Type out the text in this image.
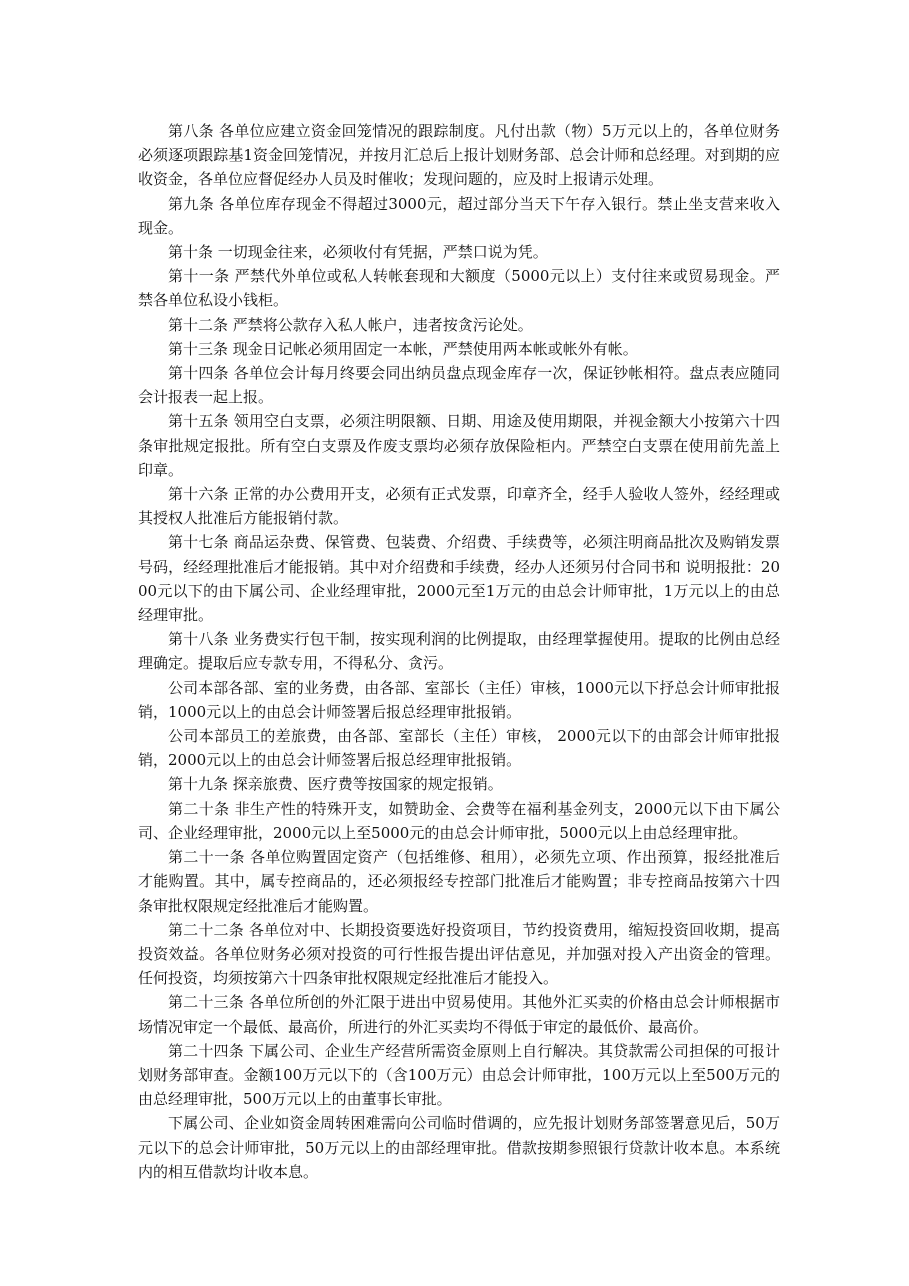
第八条 各单位应建立资金回笼情况的跟踪制度。凡付出款（物）5万元以上的，各单位财务必须逐项跟踪基1资金回笼情况，并按月汇总后上报计划财务部、总会计师和总经理。对到期的应收资金，各单位应督促经办人员及时催收；发现问题的，应及时上报请示处理。

第九条 各单位库存现金不得超过3000元，超过部分当天下午存入银行。禁止坐支营来收入现金。

第十条 一切现金往来，必须收付有凭据，严禁口说为凭。

第十一条 严禁代外单位或私人转帐套现和大额度（5000元以上）支付往来或贸易现金。严禁各单位私设小钱柜。

第十二条 严禁将公款存入私人帐户，违者按贪污论处。

第十三条 现金日记帐必须用固定一本帐，严禁使用两本帐或帐外有帐。

第十四条 各单位会计每月终要会同出纳员盘点现金库存一次，保证钞帐相符。盘点表应随同会计报表一起上报。

第十五条 领用空白支票，必须注明限额、日期、用途及使用期限，并视金额大小按第六十四条审批规定报批。所有空白支票及作废支票均必须存放保险柜内。严禁空白支票在使用前先盖上印章。

第十六条 正常的办公费用开支，必须有正式发票，印章齐全，经手人验收人签外，经经理或其授权人批准后方能报销付款。

第十七条 商品运杂费、保管费、包装费、介绍费、手续费等，必须注明商品批次及购销发票号码，经经理批准后才能报销。其中对介绍费和手续费，经办人还须另付合同书和 说明报批：2000元以下的由下属公司、企业经理审批，2000元至1万元的由总会计师审批，1万元以上的由总经理审批。

第十八条 业务费实行包干制，按实现利润的比例提取，由经理掌握使用。提取的比例由总经理确定。提取后应专款专用，不得私分、贪污。

公司本部各部、室的业务费，由各部、室部长（主任）审核，1000元以下抒总会计师审批报销，1000元以上的由总会计师签署后报总经理审批报销。

公司本部员工的差旅费，由各部、室部长（主任）审核， 2000元以下的由部会计师审批报销，2000元以上的由总会计师签署后报总经理审批报销。

第十九条 探亲旅费、医疗费等按国家的规定报销。

第二十条 非生产性的特殊开支，如赞助金、会费等在福利基金列支，2000元以下由下属公司、企业经理审批，2000元以上至5000元的由总会计师审批，5000元以上由总经理审批。

第二十一条 各单位购置固定资产（包括维修、租用），必须先立项、作出预算，报经批准后才能购置。其中，属专控商品的，还必须报经专控部门批准后才能购置；非专控商品按第六十四条审批权限规定经批准后才能购置。

第二十二条 各单位对中、长期投资要选好投资项目，节约投资费用，缩短投资回收期，提高投资效益。各单位财务必须对投资的可行性报告提出评估意见，并加强对投入产出资金的管理。任何投资，均须按第六十四条审批权限规定经批准后才能投入。

第二十三条 各单位所创的外汇限于进出中贸易使用。其他外汇买卖的价格由总会计师根据市场情况审定一个最低、最高价，所进行的外汇买卖均不得低于审定的最低价、最高价。

第二十四条 下属公司、企业生产经营所需资金原则上自行解决。其贷款需公司担保的可报计划财务部审查。金额100万元以下的（含100万元）由总会计师审批，100万元以上至500万元的由总经理审批，500万元以上的由董事长审批。

下属公司、企业如资金周转困难需向公司临时借调的，应先报计划财务部签署意见后，50万元以下的总会计师审批，50万元以上的由部经理审批。借款按期参照银行贷款计收本息。本系统内的相互借款均计收本息。
